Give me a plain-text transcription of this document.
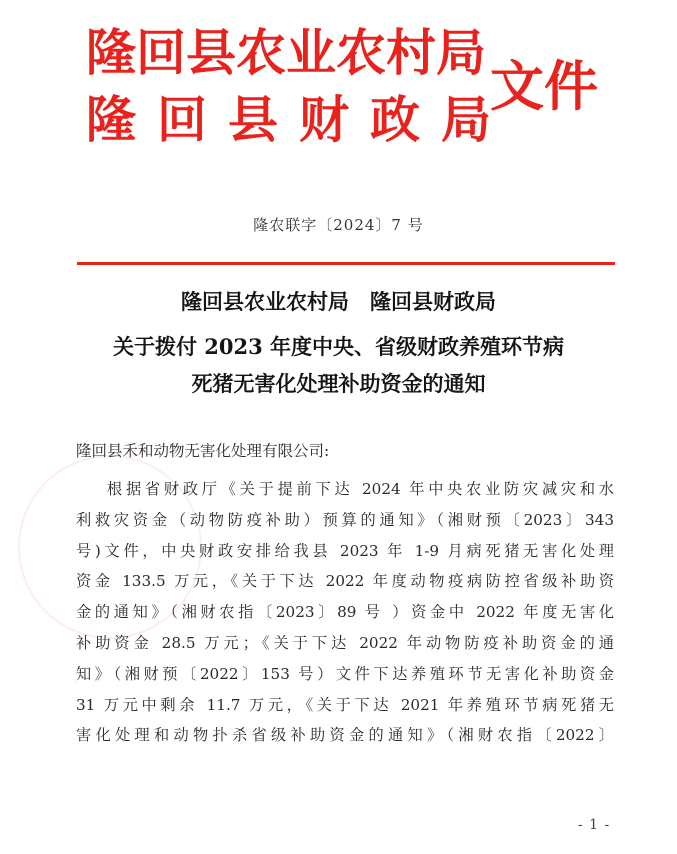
隆回县农业农村局
隆回县财政局
文件
隆农联字〔2024〕7 号
隆回县农业农村局　隆回县财政局
关于拨付 2023 年度中央、省级财政养殖环节病
死猪无害化处理补助资金的通知
隆回县禾和动物无害化处理有限公司:
根据省财政厅《关于提前下达 2024 年中央农业防灾减灾和水
利救灾资金（动物防疫补助）预算的通知》（湘财预〔2023〕343
号)文件，中央财政安排给我县 2023 年 1-9 月病死猪无害化处理
资金 133.5 万元，《关于下达 2022 年度动物疫病防控省级补助资
金的通知》（湘财农指〔2023〕89 号 ）资金中 2022 年度无害化
补助资金 28.5 万元；《关于下达 2022 年动物防疫补助资金的通
知》（湘财预〔2022〕153 号）文件下达养殖环节无害化补助资金
31 万元中剩余 11.7 万元，《关于下达 2021 年养殖环节病死猪无
害化处理和动物扑杀省级补助资金的通知》（湘财农指〔2022〕
- 1 -
